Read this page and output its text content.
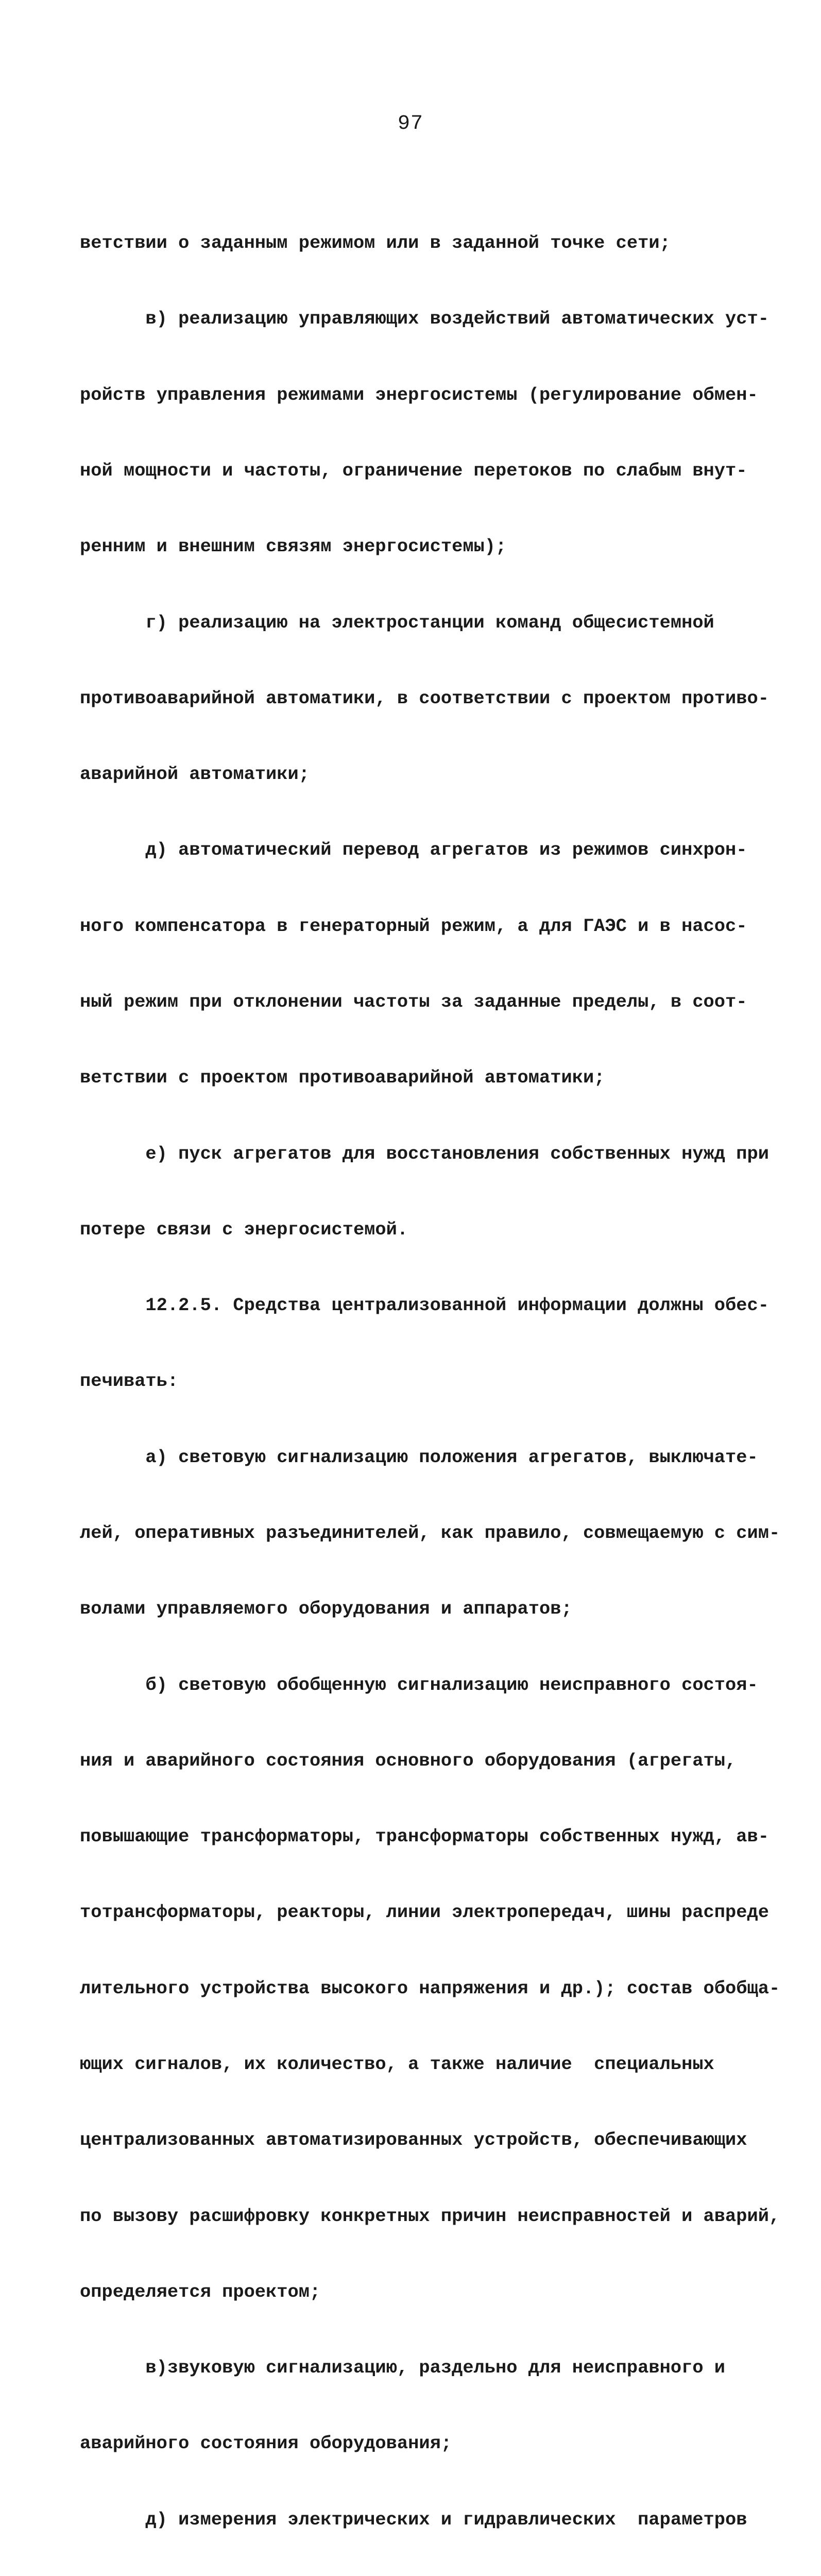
97

ветствии о заданным режимом или в заданной точке сети;

в) реализацию управляющих воздействий автоматических уст-

ройств управления режимами энергосистемы (регулирование обмен-

ной мощности и частоты, ограничение перетоков по слабым внут-

ренним и внешним связям энергосистемы);

г) реализацию на электростанции команд общесистемной

противоаварийной автоматики, в соответствии с проектом противо-

аварийной автоматики;

д) автоматический перевод агрегатов из режимов синхрон-

ного компенсатора в генераторный режим, а для ГАЭС и в насос-

ный режим при отклонении частоты за заданные пределы, в соот-

ветствии с проектом противоаварийной автоматики;

е) пуск агрегатов для восстановления собственных нужд при

потере связи с энергосистемой.

12.2.5. Средства централизованной информации должны обес-

печивать:

а) световую сигнализацию положения агрегатов, выключате-

лей, оперативных разъединителей, как правило, совмещаемую с сим-

волами управляемого оборудования и аппаратов;

б) световую обобщенную сигнализацию неисправного состоя-

ния и аварийного состояния основного оборудования (агрегаты,

повышающие трансформаторы, трансформаторы собственных нужд, ав-

тотрансформаторы, реакторы, линии электропередач, шины распреде

лительного устройства высокого напряжения и др.); состав обобща-

ющих сигналов, их количество, а также наличие  специальных

централизованных автоматизированных устройств, обеспечивающих

по вызову расшифровку конкретных причин неисправностей и аварий,

определяется проектом;

в)звуковую сигнализацию, раздельно для неисправного и

аварийного состояния оборудования;

д) измерения электрических и гидравлических  параметров
